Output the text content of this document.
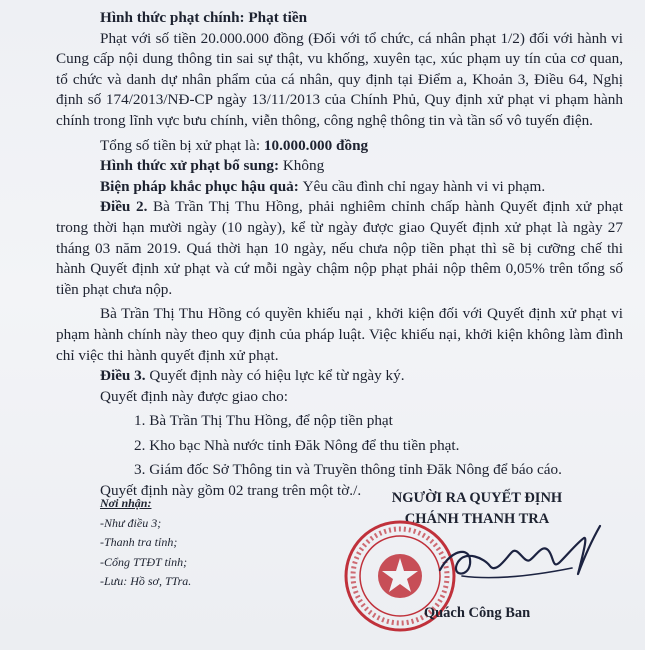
Hình thức phạt chính: Phạt tiền

Phạt với số tiền 20.000.000 đồng (Đối với tổ chức, cá nhân phạt 1/2) đối với hành vi Cung cấp nội dung thông tin sai sự thật, vu khống, xuyên tạc, xúc phạm uy tín của cơ quan, tổ chức và danh dự nhân phẩm của cá nhân, quy định tại Điểm a, Khoản 3, Điều 64, Nghị định số 174/2013/NĐ-CP ngày 13/11/2013 của Chính Phủ, Quy định xử phạt vi phạm hành chính trong lĩnh vực bưu chính, viễn thông, công nghệ thông tin và tần số vô tuyến điện.

Tổng số tiền bị xử phạt là: 10.000.000 đồng

Hình thức xử phạt bổ sung: Không

Biện pháp khắc phục hậu quả: Yêu cầu đình chỉ ngay hành vi vi phạm.

Điều 2. Bà Trần Thị Thu Hồng, phải nghiêm chỉnh chấp hành Quyết định xử phạt trong thời hạn mười ngày (10 ngày), kể từ ngày được giao Quyết định xử phạt là ngày 27 tháng 03 năm 2019. Quá thời hạn 10 ngày, nếu chưa nộp tiền phạt thì sẽ bị cưỡng chế thi hành Quyết định xử phạt và cứ mỗi ngày chậm nộp phạt phải nộp thêm 0,05% trên tổng số tiền phạt chưa nộp.

Bà Trần Thị Thu Hồng có quyền khiếu nại , khởi kiện đối với Quyết định xử phạt vi phạm hành chính này theo quy định của pháp luật. Việc khiếu nại, khởi kiện không làm đình chỉ việc thi hành quyết định xử phạt.

Điều 3. Quyết định này có hiệu lực kể từ ngày ký.

Quyết định này được giao cho:

1. Bà Trần Thị Thu Hồng, để nộp tiền phạt

2. Kho bạc Nhà nước tỉnh Đăk Nông để thu tiền phạt.

3. Giám đốc Sở Thông tin và Truyền thông tỉnh Đăk Nông để báo cáo.

Quyết định này gồm 02 trang trên một tờ./.

Nơi nhận:
-Như điều 3;
-Thanh tra tỉnh;
-Cổng TTĐT tỉnh;
-Lưu: Hồ sơ, TTra.
NGƯỜI RA QUYẾT ĐỊNH
CHÁNH THANH TRA
Quách Công Ban
